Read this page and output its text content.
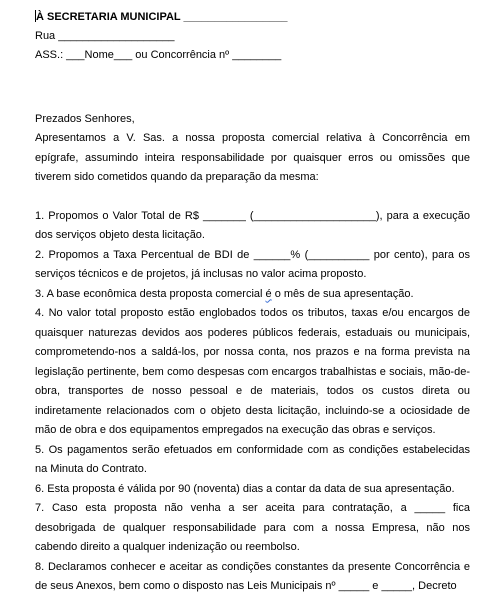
À SECRETARIA MUNICIPAL _________________
Rua ___________________
ASS.: ___Nome___ ou Concorrência nº ________
Prezados Senhores,
Apresentamos a V. Sas. a nossa proposta comercial relativa à Concorrência em epígrafe, assumindo inteira responsabilidade por quaisquer erros ou omissões que tiverem sido cometidos quando da preparação da mesma:
1. Propomos o Valor Total de R$ _______ (____________________), para a execução dos serviços objeto desta licitação.
2. Propomos a Taxa Percentual de BDI de ______% (__________ por cento), para os serviços técnicos e de projetos, já inclusas no valor acima proposto.
3. A base econômica desta proposta comercial é o mês de sua apresentação.
4. No valor total proposto estão englobados todos os tributos, taxas e/ou encargos de quaisquer naturezas devidos aos poderes públicos federais, estaduais ou municipais, comprometendo-nos a saldá-los, por nossa conta, nos prazos e na forma prevista na legislação pertinente, bem como despesas com encargos trabalhistas e sociais, mão-de-obra, transportes de nosso pessoal e de materiais, todos os custos direta ou indiretamente relacionados com o objeto desta licitação, incluindo-se a ociosidade de mão de obra e dos equipamentos empregados na execução das obras e serviços.
5. Os pagamentos serão efetuados em conformidade com as condições estabelecidas na Minuta do Contrato.
6. Esta proposta é válida por 90 (noventa) dias a contar da data de sua apresentação.
7. Caso esta proposta não venha a ser aceita para contratação, a _____ fica desobrigada de qualquer responsabilidade para com a nossa Empresa, não nos cabendo direito a qualquer indenização ou reembolso.
8. Declaramos conhecer e aceitar as condições constantes da presente Concorrência e de seus Anexos, bem como o disposto nas Leis Municipais nº _____ e _____, Decreto
